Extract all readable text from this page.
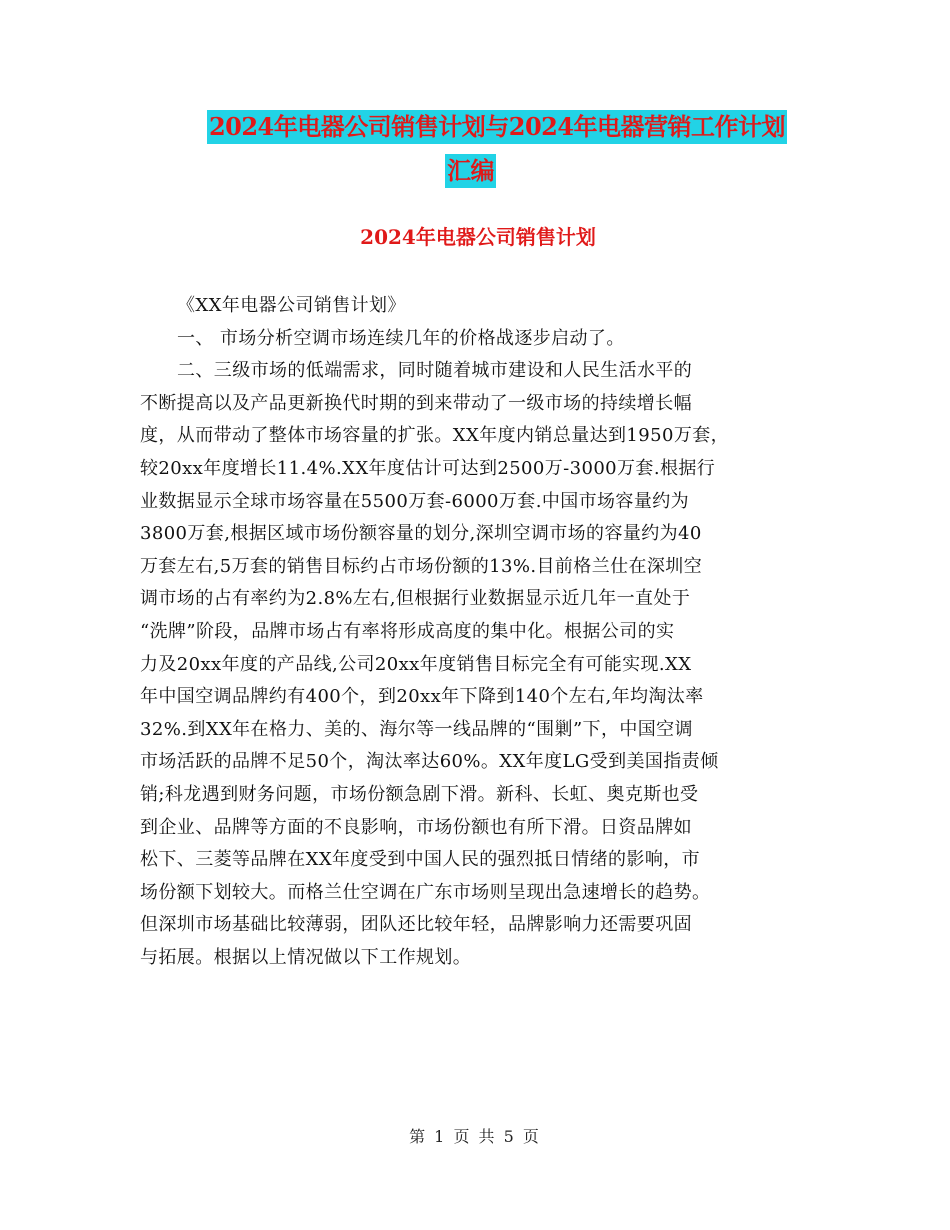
2024年电器公司销售计划与2024年电器营销工作计划
汇编
2024年电器公司销售计划
《XX年电器公司销售计划》
一、 市场分析空调市场连续几年的价格战逐步启动了。
二、三级市场的低端需求，同时随着城市建设和人民生活水平的
不断提高以及产品更新换代时期的到来带动了一级市场的持续增长幅
度，从而带动了整体市场容量的扩张。XX年度内销总量达到1950万套，
较20xx年度增长11.4%.XX年度估计可达到2500万-3000万套.根据行
业数据显示全球市场容量在5500万套-6000万套.中国市场容量约为
3800万套,根据区域市场份额容量的划分,深圳空调市场的容量约为40
万套左右,5万套的销售目标约占市场份额的13%.目前格兰仕在深圳空
调市场的占有率约为2.8%左右,但根据行业数据显示近几年一直处于
“洗牌”阶段，品牌市场占有率将形成高度的集中化。根据公司的实
力及20xx年度的产品线,公司20xx年度销售目标完全有可能实现.XX
年中国空调品牌约有400个，到20xx年下降到140个左右,年均淘汰率
32%.到XX年在格力、美的、海尔等一线品牌的“围剿”下，中国空调
市场活跃的品牌不足50个，淘汰率达60%。XX年度LG受到美国指责倾
销;科龙遇到财务问题，市场份额急剧下滑。新科、长虹、奥克斯也受
到企业、品牌等方面的不良影响，市场份额也有所下滑。日资品牌如
松下、三菱等品牌在XX年度受到中国人民的强烈抵日情绪的影响，市
场份额下划较大。而格兰仕空调在广东市场则呈现出急速增长的趋势。
但深圳市场基础比较薄弱，团队还比较年轻，品牌影响力还需要巩固
与拓展。根据以上情况做以下工作规划。
第 1 页 共 5 页
